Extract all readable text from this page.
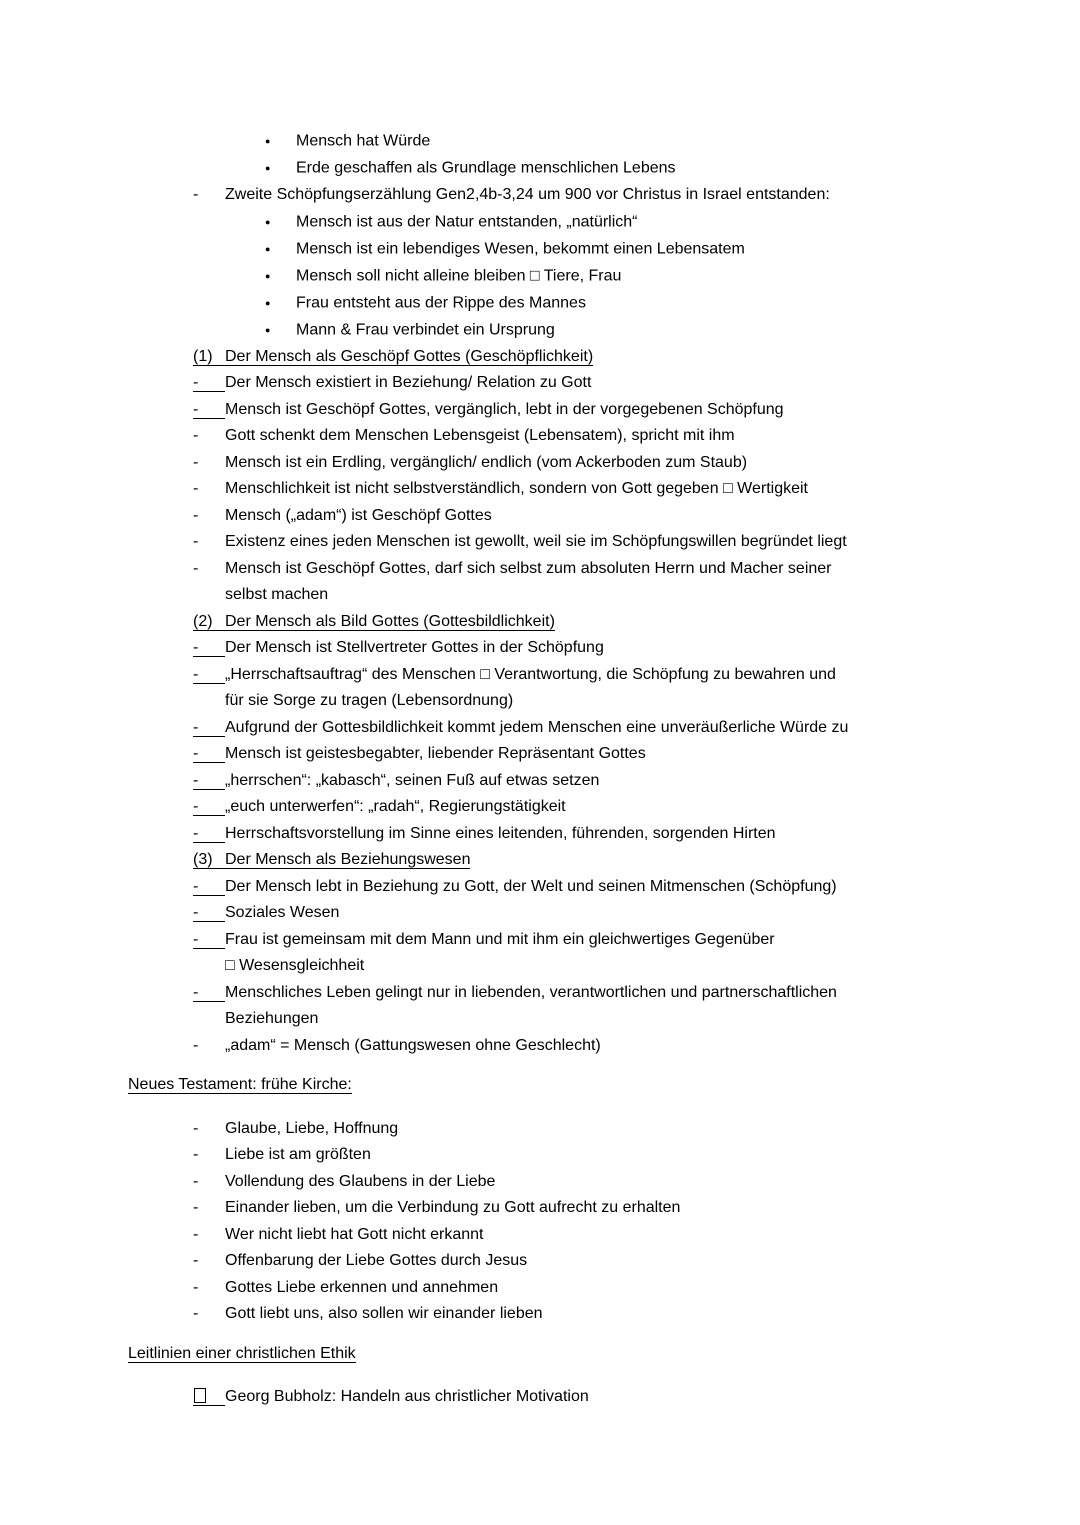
● Mensch hat Würde
● Erde geschaffen als Grundlage menschlichen Lebens
- Zweite Schöpfungserzählung Gen2,4b-3,24 um 900 vor Christus in Israel entstanden:
● Mensch ist aus der Natur entstanden, „natürlich“
● Mensch ist ein lebendiges Wesen, bekommt einen Lebensatem
● Mensch soll nicht alleine bleiben □ Tiere, Frau
● Frau entsteht aus der Rippe des Mannes
● Mann & Frau verbindet ein Ursprung
(1) Der Mensch als Geschöpf Gottes (Geschöpflichkeit)
- Der Mensch existiert in Beziehung/ Relation zu Gott
- Mensch ist Geschöpf Gottes, vergänglich, lebt in der vorgegebenen Schöpfung
- Gott schenkt dem Menschen Lebensgeist (Lebensatem), spricht mit ihm
- Mensch ist ein Erdling, vergänglich/ endlich (vom Ackerboden zum Staub)
- Menschlichkeit ist nicht selbstverständlich, sondern von Gott gegeben □ Wertigkeit
- Mensch („adam“) ist Geschöpf Gottes
- Existenz eines jeden Menschen ist gewollt, weil sie im Schöpfungswillen begründet liegt
- Mensch ist Geschöpf Gottes, darf sich selbst zum absoluten Herrn und Macher seiner
selbst machen
(2) Der Mensch als Bild Gottes (Gottesbildlichkeit)
- Der Mensch ist Stellvertreter Gottes in der Schöpfung
- „Herrschaftsauftrag“ des Menschen □ Verantwortung, die Schöpfung zu bewahren und
für sie Sorge zu tragen (Lebensordnung)
- Aufgrund der Gottesbildlichkeit kommt jedem Menschen eine unveräußerliche Würde zu
- Mensch ist geistesbegabter, liebender Repräsentant Gottes
- „herrschen“: „kabasch“, seinen Fuß auf etwas setzen
- „euch unterwerfen“: „radah“, Regierungstätigkeit
- Herrschaftsvorstellung im Sinne eines leitenden, führenden, sorgenden Hirten
(3) Der Mensch als Beziehungswesen
- Der Mensch lebt in Beziehung zu Gott, der Welt und seinen Mitmenschen (Schöpfung)
- Soziales Wesen
- Frau ist gemeinsam mit dem Mann und mit ihm ein gleichwertiges Gegenüber
□ Wesensgleichheit
- Menschliches Leben gelingt nur in liebenden, verantwortlichen und partnerschaftlichen
Beziehungen
- „adam“ = Mensch (Gattungswesen ohne Geschlecht)
Neues Testament: frühe Kirche:
- Glaube, Liebe, Hoffnung
- Liebe ist am größten
- Vollendung des Glaubens in der Liebe
- Einander lieben, um die Verbindung zu Gott aufrecht zu erhalten
- Wer nicht liebt hat Gott nicht erkannt
- Offenbarung der Liebe Gottes durch Jesus
- Gottes Liebe erkennen und annehmen
- Gott liebt uns, also sollen wir einander lieben
Leitlinien einer christlichen Ethik
Georg Bubholz: Handeln aus christlicher Motivation
